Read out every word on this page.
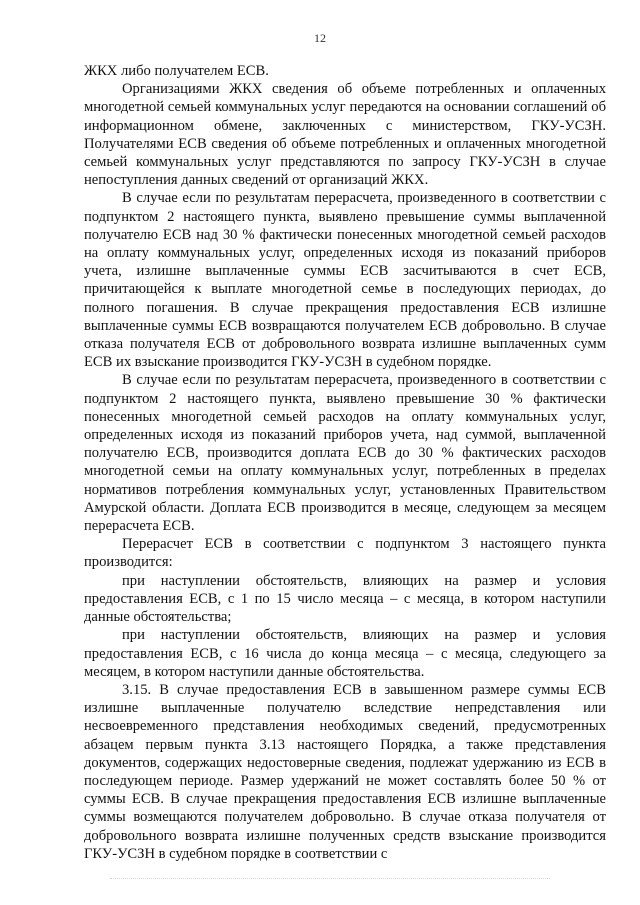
12

ЖКХ либо получателем ЕСВ.

Организациями ЖКХ сведения об объеме потребленных и оплаченных многодетной семьей коммунальных услуг передаются на основании соглашений об информационном обмене, заключенных с министерством, ГКУ-УСЗН. Получателями ЕСВ сведения об объеме потребленных и оплаченных многодетной семьей коммунальных услуг представляются по запросу ГКУ-УСЗН в случае непоступления данных сведений от организаций ЖКХ.

В случае если по результатам перерасчета, произведенного в соответствии с подпунктом 2 настоящего пункта, выявлено превышение суммы выплаченной получателю ЕСВ над 30 % фактически понесенных многодетной семьей расходов на оплату коммунальных услуг, определенных исходя из показаний приборов учета, излишне выплаченные суммы ЕСВ засчитываются в счет ЕСВ, причитающейся к выплате многодетной семье в последующих периодах, до полного погашения. В случае прекращения предоставления ЕСВ излишне выплаченные суммы ЕСВ возвращаются получателем ЕСВ добровольно. В случае отказа получателя ЕСВ от добровольного возврата излишне выплаченных сумм ЕСВ их взыскание производится ГКУ-УСЗН в судебном порядке.

В случае если по результатам перерасчета, произведенного в соответствии с подпунктом 2 настоящего пункта, выявлено превышение 30 % фактически понесенных многодетной семьей расходов на оплату коммунальных услуг, определенных исходя из показаний приборов учета, над суммой, выплаченной получателю ЕСВ, производится доплата ЕСВ до 30 % фактических расходов многодетной семьи на оплату коммунальных услуг, потребленных в пределах нормативов потребления коммунальных услуг, установленных Правительством Амурской области. Доплата ЕСВ производится в месяце, следующем за месяцем перерасчета ЕСВ.

Перерасчет ЕСВ в соответствии с подпунктом 3 настоящего пункта производится:

при наступлении обстоятельств, влияющих на размер и условия предоставления ЕСВ, с 1 по 15 число месяца – с месяца, в котором наступили данные обстоятельства;

при наступлении обстоятельств, влияющих на размер и условия предоставления ЕСВ, с 16 числа до конца месяца – с месяца, следующего за месяцем, в котором наступили данные обстоятельства.

3.15. В случае предоставления ЕСВ в завышенном размере суммы ЕСВ излишне выплаченные получателю вследствие непредставления или несвоевременного представления необходимых сведений, предусмотренных абзацем первым пункта 3.13 настоящего Порядка, а также представления документов, содержащих недостоверные сведения, подлежат удержанию из ЕСВ в последующем периоде. Размер удержаний не может составлять более 50 % от суммы ЕСВ. В случае прекращения предоставления ЕСВ излишне выплаченные суммы возмещаются получателем добровольно. В случае отказа получателя от добровольного возврата излишне полученных средств взыскание производится ГКУ-УСЗН в судебном порядке в соответствии с
